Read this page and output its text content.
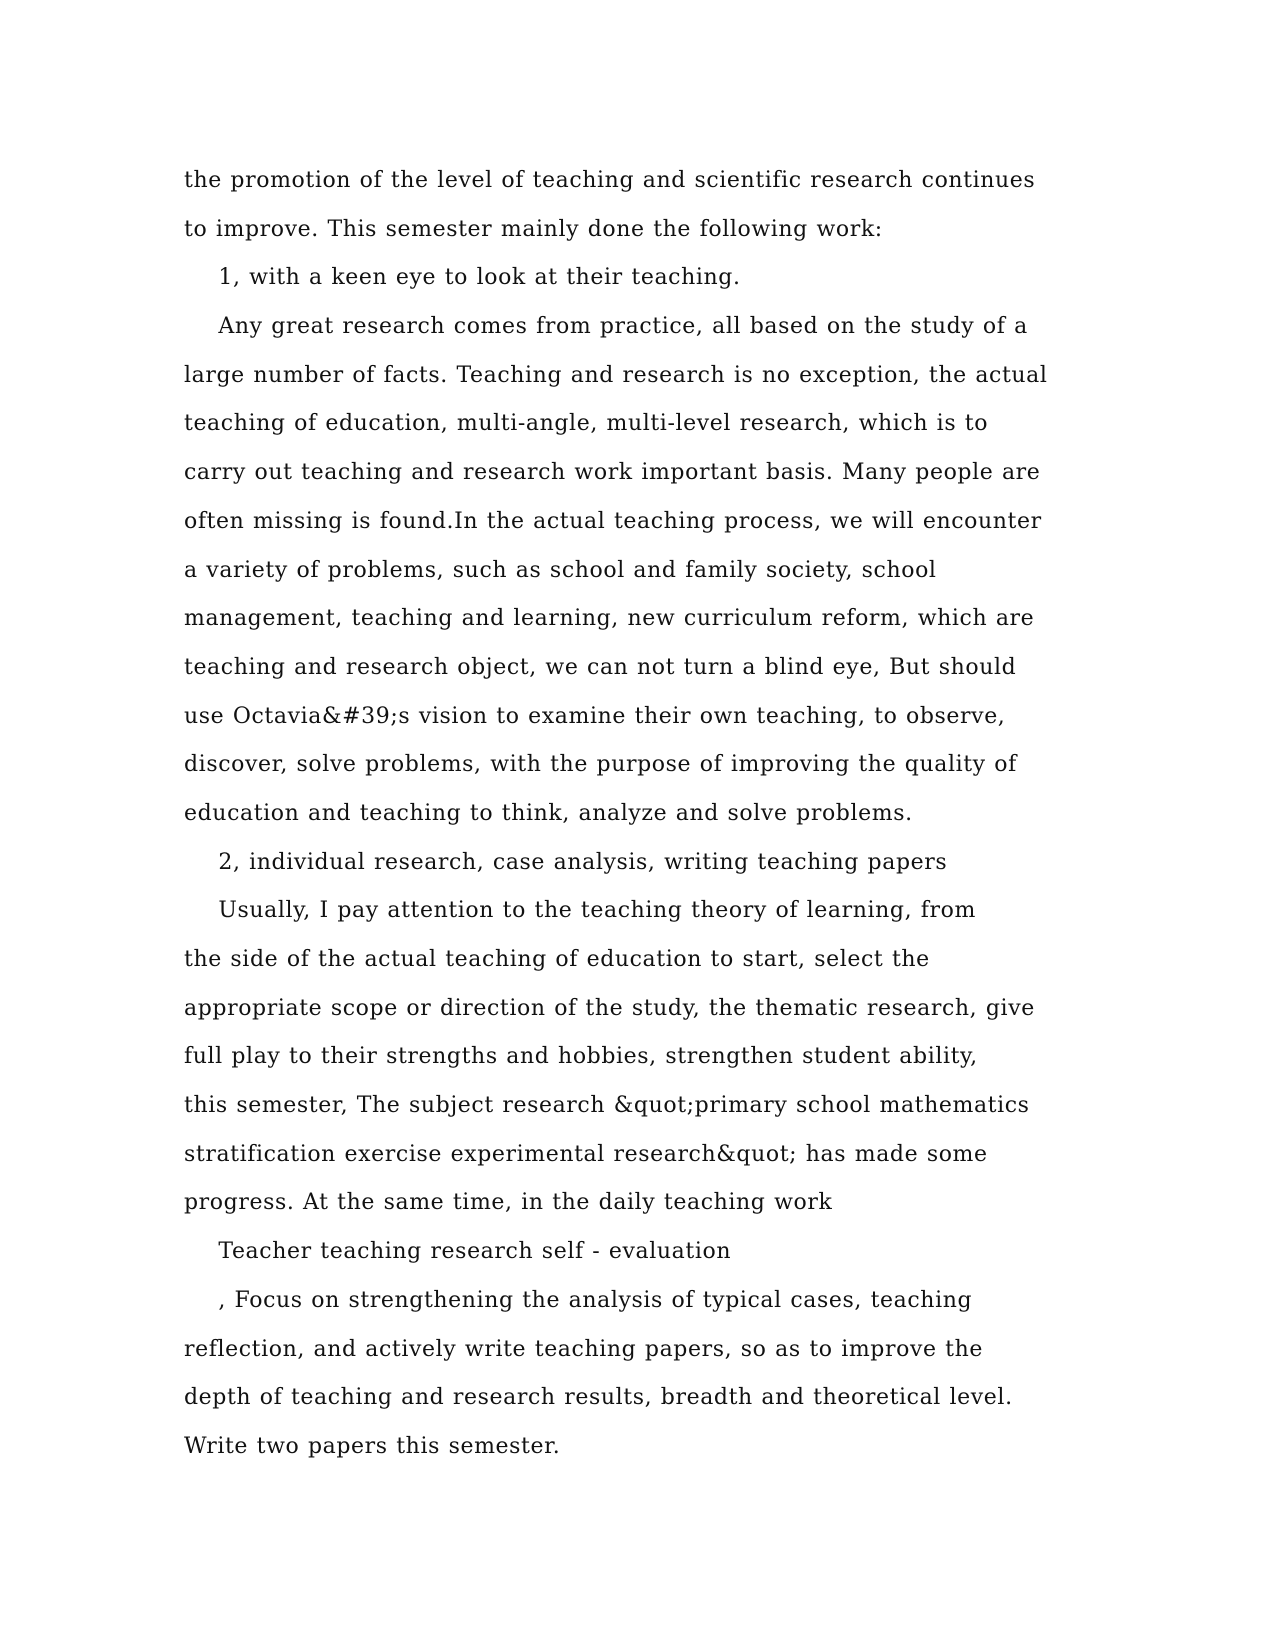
the promotion of the level of teaching and scientific research continues
to improve. This semester mainly done the following work:
1, with a keen eye to look at their teaching.
Any great research comes from practice, all based on the study of a
large number of facts. Teaching and research is no exception, the actual
teaching of education, multi-angle, multi-level research, which is to
carry out teaching and research work important basis. Many people are
often missing is found.In the actual teaching process, we will encounter
a variety of problems, such as school and family society, school
management, teaching and learning, new curriculum reform, which are
teaching and research object, we can not turn a blind eye, But should
use Octavia&#39;s vision to examine their own teaching, to observe,
discover, solve problems, with the purpose of improving the quality of
education and teaching to think, analyze and solve problems.
2, individual research, case analysis, writing teaching papers
Usually, I pay attention to the teaching theory of learning, from
the side of the actual teaching of education to start, select the
appropriate scope or direction of the study, the thematic research, give
full play to their strengths and hobbies, strengthen student ability,
this semester, The subject research &quot;primary school mathematics
stratification exercise experimental research&quot; has made some
progress. At the same time, in the daily teaching work
Teacher teaching research self - evaluation
, Focus on strengthening the analysis of typical cases, teaching
reflection, and actively write teaching papers, so as to improve the
depth of teaching and research results, breadth and theoretical level.
Write two papers this semester.
